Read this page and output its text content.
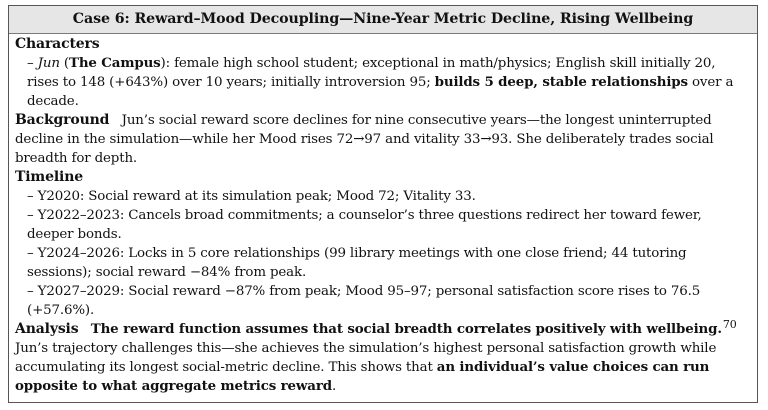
Case 6: Reward–Mood Decoupling—Nine-Year Metric Decline, Rising Wellbeing
Characters

– Jun (The Campus): female high school student; exceptional in math/physics; English skill initially 20, rises to 148 (+643%) over 10 years; initially introversion 95; builds 5 deep, stable relationships over a decade.

Background Jun’s social reward score declines for nine consecutive years—the longest uninterrupted decline in the simulation—while her Mood rises 72→97 and vitality 33→93. She deliberately trades social breadth for depth.

Timeline

– Y2020: Social reward at its simulation peak; Mood 72; Vitality 33.

– Y2022–2023: Cancels broad commitments; a counselor’s three questions redirect her toward fewer, deeper bonds.

– Y2024–2026: Locks in 5 core relationships (99 library meetings with one close friend; 44 tutoring sessions); social reward −84% from peak.

– Y2027–2029: Social reward −87% from peak; Mood 95–97; personal satisfaction score rises to 76.5 (+57.6%).

Analysis The reward function assumes that social breadth correlates positively with wellbeing.$^{70}$ Jun’s trajectory challenges this—she achieves the simulation’s highest personal satisfaction growth while accumulating its longest social-metric decline. This shows that an individual’s value choices can run opposite to what aggregate metrics reward.
